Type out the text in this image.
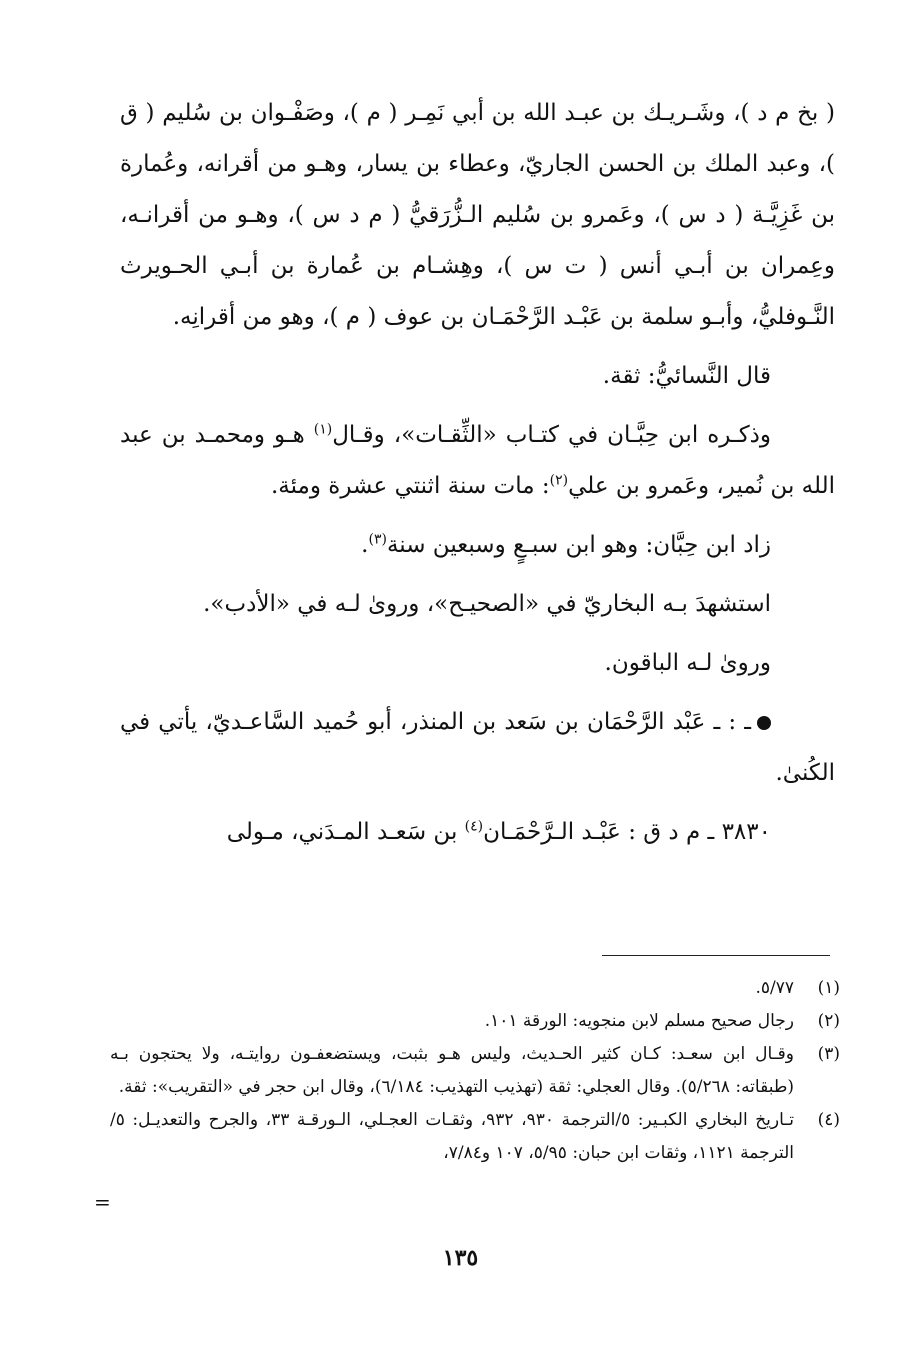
( بخ م د )، وشَـريـك بن عبـد الله بن أبي نَمِـر ( م )، وصَفْـوان بن سُليم ( ق )، وعبد الملك بن الحسن الجاريّ، وعطاء بن يسار، وهـو من أقرانه، وعُمارة بن غَزِيَّـة ( د س )، وعَمرو بن سُليم الـزُّرَقيُّ ( م د س )، وهـو من أقرانـه، وعِمران بن أبـي أنس ( ت س )، وهِشـام بن عُمارة بن أبـي الحـويرث النَّـوفليُّ، وأبـو سلمة بن عَبْـد الرَّحْمَـان بن عوف ( م )، وهو من أقرانِه.

قال النَّسائيُّ: ثقة.

وذكـره ابن حِبَّـان في كتـاب «الثِّقـات»، وقـال$^{(١)}$ هـو ومحمـد بن عبد الله بن نُمير، وعَمرو بن علي$^{(٢)}$: مات سنة اثنتي عشرة ومئة.

زاد ابن حِبَّان: وهو ابن سبـعٍ وسبعين سنة$^{(٣)}$.

استشهدَ بـه البخاريّ في «الصحيـح»، وروىٰ لـه في «الأدب».

وروىٰ لـه الباقون.

ـ : ـ عَبْد الرَّحْمَان بن سَعد بن المنذر، أبو حُميد السَّاعـديّ، يأتي في الكُنىٰ.

٣٨٣٠ ـ م د ق : عَبْـد الـرَّحْمَـان$^{(٤)}$ بن سَعـد المـدَني، مـولى

(١)
٥/٧٧.
(٢)
رجال صحيح مسلم لابن منجويه: الورقة ١٠١.
(٣)
وقـال ابن سعـد: كـان كثير الحـديث، وليس هـو بثبت، ويستضعفـون روايتـه، ولا يحتجون بـه (طبقاته: ٥/٢٦٨). وقال العجلي: ثقة (تهذيب التهذيب: ٦/١٨٤)، وقال ابن حجر في «التقريب»: ثقة.
(٤)
تـاريخ البخاري الكبـير: ٥/الترجمة ٩٣٠، ٩٣٢، وثقـات العجـلي، الـورقـة ٣٣، والجرح والتعديـل: ٥/الترجمة ١١٢١، وثقات ابن حبان: ٥/٩٥، ١٠٧ و٧/٨٤،
=
١٣٥
